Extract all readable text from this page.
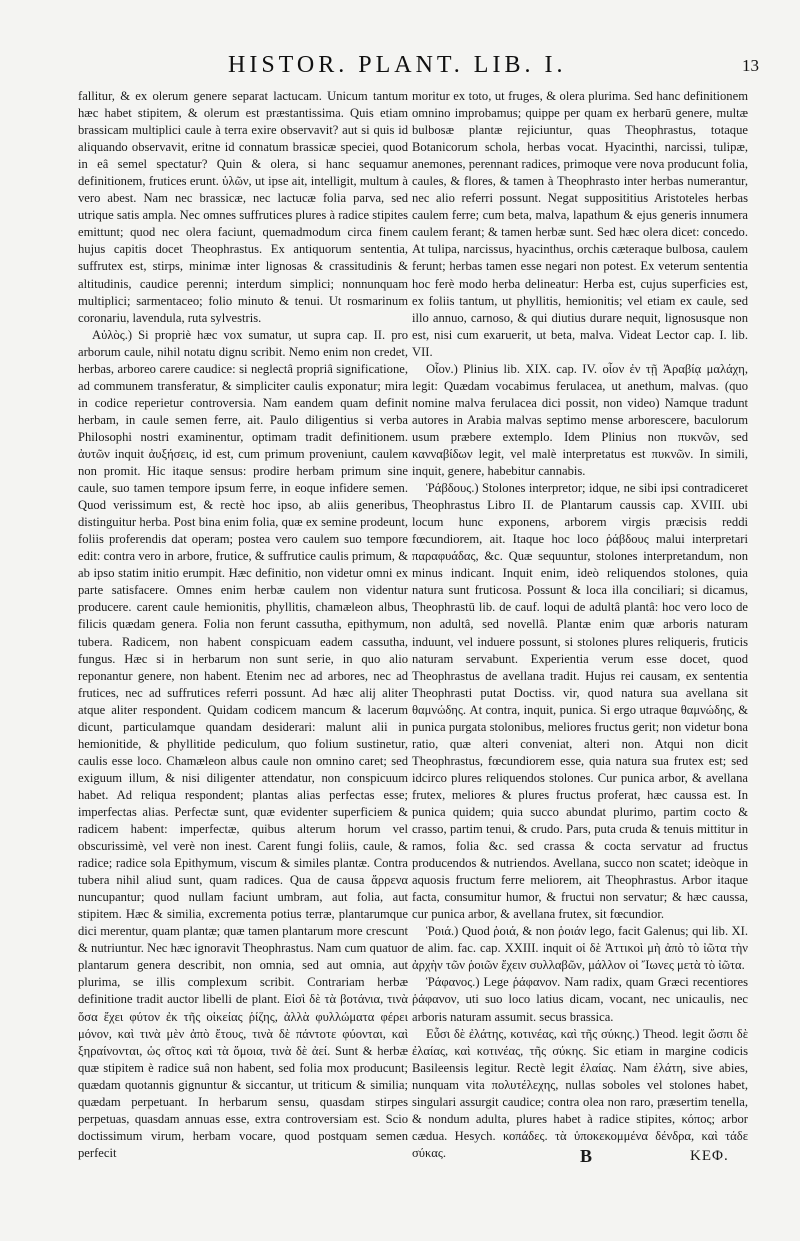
HISTOR. PLANT. LIB. I.	13

fallitur, & ex olerum genere separat lactucam. Unicum tantum hæc habet stipitem, & olerum est præstantissima. Quis etiam brassicam multiplici caule à terra exire observavit? aut si quis id aliquando observavit, eritne id connatum brassicæ speciei, quod in eâ semel spectatur? Quin & olera, si hanc sequamur definitionem, frutices erunt. ὑλῶν, ut ipse ait, intelligit, multum à vero abest. Nam nec brassicæ, nec lactucæ folia parva, sed utrique satis ampla. Nec omnes suffrutices plures à radice stipites emittunt; quod nec olera faciunt, quemadmodum circa finem hujus capitis docet Theophrastus. Ex antiquorum sententia, suffrutex est, stirps, minimæ inter lignosas & crassitudinis & altitudinis, caudice perenni; interdum simplici; nonnunquam multiplici; sarmentaceo; folio minuto & tenui. Ut rosmarinum coronariu, lavendula, ruta sylvestris.

Αὐλὸς.) Si propriè hæc vox sumatur, ut supra cap. II. pro arborum caule, nihil notatu dignu scribit. Nemo enim non credet, herbas, arboreo carere caudice: si neglectâ propriâ significatione, ad communem transferatur, & simpliciter caulis exponatur; mira in codice reperietur controversia. Nam eandem quam definit herbam, in caule semen ferre, ait. Paulo diligentius si verba Philosophi nostri examinentur, optimam tradit definitionem. ἀυτῶν inquit ἀυξήσεις, id est, cum primum proveniunt, caulem non promit. Hic itaque sensus: prodire herbam primum sine caule, suo tamen tempore ipsum ferre, in eoque infidere semen. Quod verissimum est, & rectè hoc ipso, ab aliis generibus, distinguitur herba. Post bina enim folia, quæ ex semine prodeunt, foliis proferendis dat operam; postea vero caulem suo tempore edit: contra vero in arbore, frutice, & suffrutice caulis primum, & ab ipso statim initio erumpit. Hæc definitio, non videtur omni ex parte satisfacere. Omnes enim herbæ caulem non videntur producere. carent caule hemionitis, phyllitis, chamæleon albus, filicis quædam genera. Folia non ferunt cassutha, epithymum, tubera. Radicem, non habent conspicuam eadem cassutha, fungus. Hæc si in herbarum non sunt serie, in quo alio reponantur genere, non habent. Etenim nec ad arbores, nec ad frutices, nec ad suffrutices referri possunt. Ad hæc alij aliter atque aliter respondent. Quidam codicem mancum & lacerum dicunt, particulamque quandam desiderari: malunt alii in hemionitide, & phyllitide pediculum, quo folium sustinetur, caulis esse loco. Chamæleon albus caule non omnino caret; sed exiguum illum, & nisi diligenter attendatur, non conspicuum habet. Ad reliqua respondent; plantas alias perfectas esse; imperfectas alias. Perfectæ sunt, quæ evidenter superficiem & radicem habent: imperfectæ, quibus alterum horum vel obscurissimè, vel verè non inest. Carent fungi foliis, caule, & radice; radice sola Epithymum, viscum & similes plantæ. Contra tubera nihil aliud sunt, quam radices. Qua de causa ἄρρενα nuncupantur; quod nullam faciunt umbram, aut folia, aut stipitem. Hæc & similia, excrementa potius terræ, plantarumque dici merentur, quam plantæ; quæ tamen plantarum more crescunt & nutriuntur. Nec hæc ignoravit Theophrastus. Nam cum quatuor plantarum genera describit, non omnia, sed aut omnia, aut plurima, se illis complexum scribit. Contrariam herbæ definitione tradit auctor libelli de plant. Εἰσὶ δὲ τὰ βοτάνια, τινὰ ὅσα ἔχει φύτον ἐκ τῆς οἰκείας ῥίζης, ἀλλὰ φυλλώματα φέρει μόνον, καὶ τινὰ μὲν ἀπὸ ἔτους, τινὰ δὲ πάντοτε φύονται, καὶ ξηραίνονται, ὡς σῖτος καὶ τὰ ὅμοια, τινὰ δὲ ἀεί. Sunt & herbæ quæ stipitem è radice suâ non habent, sed folia mox producunt; quædam quotannis gignuntur & siccantur, ut triticum & similia; quædam perpetuant. In herbarum sensu, quasdam stirpes perpetuas, quasdam annuas esse, extra controversiam est. Scio doctissimum virum, herbam vocare, quod postquam semen perfecit

moritur ex toto, ut fruges, & olera plurima. Sed hanc definitionem omnino improbamus; quippe per quam ex herbarū genere, multæ bulbosæ plantæ rejiciuntur, quas Theophrastus, totaque Botanicorum schola, herbas vocat. Hyacinthi, narcissi, tulipæ, anemones, perennant radices, primoque vere nova producunt folia, caules, & flores, & tamen à Theophrasto inter herbas numerantur, nec alio referri possunt. Negat supposititius Aristoteles herbas caulem ferre; cum beta, malva, lapathum & ejus generis innumera caulem ferant; & tamen herbæ sunt. Sed hæc olera dicet: concedo. At tulipa, narcissus, hyacinthus, orchis cæteraque bulbosa, caulem ferunt; herbas tamen esse negari non potest. Ex veterum sententia hoc ferè modo herba delineatur: Herba est, cujus superficies est, ex foliis tantum, ut phyllitis, hemionitis; vel etiam ex caule, sed illo annuo, carnoso, & qui diutius durare nequit, lignosusque non est, nisi cum exaruerit, ut beta, malva. Videat Lector cap. I. lib. VII.

Οἷον.) Plinius lib. XIX. cap. IV. οἷον ἐν τῇ Ἀραβίᾳ μαλάχη, legit: Quædam vocabimus ferulacea, ut anethum, malvas. (quo nomine malva ferulacea dici possit, non video) Namque tradunt autores in Arabia malvas septimo mense arborescere, baculorum usum præbere extemplo. Idem Plinius non πυκνῶν, sed κανναβίδων legit, vel malè interpretatus est πυκνῶν. In simili, inquit, genere, habebitur cannabis.

Ῥάβδους.) Stolones interpretor; idque, ne sibi ipsi contradiceret Theophrastus Libro II. de Plantarum caussis cap. XVIII. ubi locum hunc exponens, arborem virgis præcisis reddi fœcundiorem, ait. Itaque hoc loco ῥάβδους malui interpretari παραφυάδας, &c. Quæ sequuntur, stolones interpretandum, non minus indicant. Inquit enim, ideò reliquendos stolones, quia natura sunt fruticosa. Possunt & loca illa conciliari; si dicamus, Theophrastū lib. de cauf. loqui de adultâ plantâ: hoc vero loco de non adultâ, sed novellâ. Plantæ enim quæ arboris naturam induunt, vel induere possunt, si stolones plures reliqueris, fruticis naturam servabunt. Experientia verum esse docet, quod Theophrastus de avellana tradit. Hujus rei causam, ex sententia Theophrasti putat Doctiss. vir, quod natura sua avellana sit θαμνώδης. At contra, inquit, punica. Si ergo utraque θαμνώδης, & punica purgata stolonibus, meliores fructus gerit; non videtur bona ratio, quæ alteri conveniat, alteri non. Atqui non dicit Theophrastus, fœcundiorem esse, quia natura sua frutex est; sed idcirco plures reliquendos stolones. Cur punica arbor, & avellana frutex, meliores & plures fructus proferat, hæc caussa est. In punica quidem; quia succo abundat plurimo, partim cocto & crasso, partim tenui, & crudo. Pars, puta cruda & tenuis mittitur in ramos, folia &c. sed crassa & cocta servatur ad fructus producendos & nutriendos. Avellana, succo non scatet; ideòque in aquosis fructum ferre meliorem, ait Theophrastus. Arbor itaque facta, consumitur humor, & fructui non servatur; & hæc caussa, cur punica arbor, & avellana frutex, sit fœcundior.

Ῥοιά.) Quod ῥοιά, & non ῥοιάν lego, facit Galenus; qui lib. XI. de alim. fac. cap. XXIII. inquit οἱ δὲ Ἀττικοὶ μὴ ἀπὸ τὸ ἰῶτα τὴν ἀρχὴν τῶν ῥοιῶν ἔχειν συλλαβῶν, μάλλον οἱ Ἴωνες μετὰ τὸ ἰῶτα.

Ῥάφανος.) Lege ῥάφανον. Nam radix, quam Græci recentiores ῥάφανον, uti suo loco latius dicam, vocant, nec unicaulis, nec arboris naturam assumit. secus brassica.

Εὖσι δὲ ἐλάτης, κοτινέας, καὶ τῆς σύκης.) Theod. legit ὥσπι δὲ ἐλαίας, καὶ κοτινέας, τῆς σύκης. Sic etiam in margine codicis Basileensis legitur. Rectè legit ἐλαίας. Nam ἐλάτη, sive abies, nunquam vita πολυτέλεχης, nullas soboles vel stolones habet, singulari assurgit caudice; contra olea non raro, præsertim tenella, & nondum adulta, plures habet à radice stipites, κόπος; arbor cædua. Hesych. κοπάδες. τὰ ὑποκεκομμένα δένδρα, καὶ τάδε σύκας.	B	ΚΕΦ.
